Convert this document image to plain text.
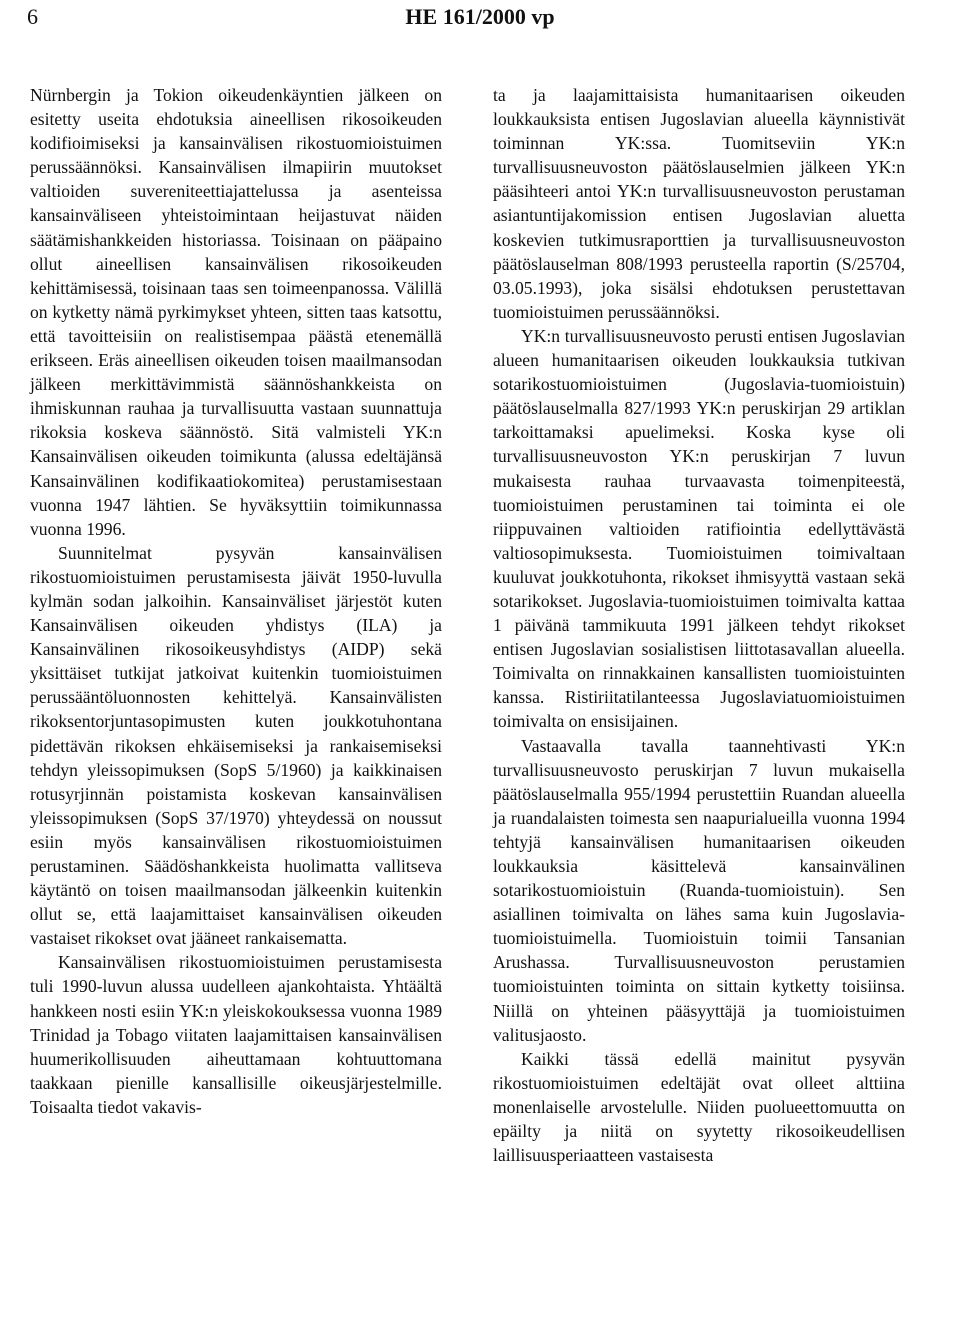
6	HE 161/2000 vp

Nürnbergin ja Tokion oikeudenkäyntien jälkeen on esitetty useita ehdotuksia aineellisen rikosoikeuden kodifioimiseksi ja kansainvälisen rikostuomioistuimen perussäännöksi. Kansainvälisen ilmapiirin muutokset valtioiden suvereniteettiajattelussa ja asenteissa kansainväliseen yhteistoimintaan heijastuvat näiden säätämishankkeiden historiassa. Toisinaan on pääpaino ollut aineellisen kansainvälisen rikosoikeuden kehittämisessä, toisinaan taas sen toimeenpanossa. Välillä on kytketty nämä pyrkimykset yhteen, sitten taas katsottu, että tavoitteisiin on realistisempaa päästä etenemällä erikseen. Eräs aineellisen oikeuden toisen maailmansodan jälkeen merkittävimmistä säännöshankkeista on ihmiskunnan rauhaa ja turvallisuutta vastaan suunnattuja rikoksia koskeva säännöstö. Sitä valmisteli YK:n Kansainvälisen oikeuden toimikunta (alussa edeltäjänsä Kansainvälinen kodifikaatiokomitea) perustamisestaan vuonna 1947 lähtien. Se hyväksyttiin toimikunnassa vuonna 1996.

Suunnitelmat pysyvän kansainvälisen rikostuomioistuimen perustamisesta jäivät 1950-luvulla kylmän sodan jalkoihin. Kansainväliset järjestöt kuten Kansainvälisen oikeuden yhdistys (ILA) ja Kansainvälinen rikosoikeusyhdistys (AIDP) sekä yksittäiset tutkijat jatkoivat kuitenkin tuomioistuimen perussääntöluonnosten kehittelyä. Kansainvälisten rikoksentorjuntasopimusten kuten joukkotuhontana pidettävän rikoksen ehkäisemiseksi ja rankaisemiseksi tehdyn yleissopimuksen (SopS 5/1960) ja kaikkinaisen rotusyrjinnän poistamista koskevan kansainvälisen yleissopimuksen (SopS 37/1970) yhteydessä on noussut esiin myös kansainvälisen rikostuomioistuimen perustaminen. Säädöshankkeista huolimatta vallitseva käytäntö on toisen maailmansodan jälkeenkin kuitenkin ollut se, että laajamittaiset kansainvälisen oikeuden vastaiset rikokset ovat jääneet rankaisematta.

Kansainvälisen rikostuomioistuimen perustamisesta tuli 1990-luvun alussa uudelleen ajankohtaista. Yhtäältä hankkeen nosti esiin YK:n yleiskokouksessa vuonna 1989 Trinidad ja Tobago viitaten laajamittaisen kansainvälisen huumerikollisuuden aiheuttamaan kohtuuttomana taakkaan pienille kansallisille oikeusjärjestelmille. Toisaalta tiedot vakavis-

ta ja laajamittaisista humanitaarisen oikeuden loukkauksista entisen Jugoslavian alueella käynnistivät toiminnan YK:ssa. Tuomitseviin YK:n turvallisuusneuvoston päätöslauselmien jälkeen YK:n pääsihteeri antoi YK:n turvallisuusneuvoston perustaman asiantuntijakomission entisen Jugoslavian aluetta koskevien tutkimusraporttien ja turvallisuusneuvoston päätöslauselman 808/1993 perusteella raportin (S/25704, 03.05.1993), joka sisälsi ehdotuksen perustettavan tuomioistuimen perussäännöksi.

YK:n turvallisuusneuvosto perusti entisen Jugoslavian alueen humanitaarisen oikeuden loukkauksia tutkivan sotarikostuomioistuimen (Jugoslavia-tuomioistuin) päätöslauselmalla 827/1993 YK:n peruskirjan 29 artiklan tarkoittamaksi apuelimeksi. Koska kyse oli turvallisuusneuvoston YK:n peruskirjan 7 luvun mukaisesta rauhaa turvaavasta toimenpiteestä, tuomioistuimen perustaminen tai toiminta ei ole riippuvainen valtioiden ratifiointia edellyttävästä valtiosopimuksesta. Tuomioistuimen toimivaltaan kuuluvat joukkotuhonta, rikokset ihmisyyttä vastaan sekä sotarikokset. Jugoslavia-tuomioistuimen toimivalta kattaa 1 päivänä tammikuuta 1991 jälkeen tehdyt rikokset entisen Jugoslavian sosialistisen liittotasavallan alueella. Toimivalta on rinnakkainen kansallisten tuomioistuinten kanssa. Ristiriitatilanteessa Jugoslaviatuomioistuimen toimivalta on ensisijainen.

Vastaavalla tavalla taannehtivasti YK:n turvallisuusneuvosto peruskirjan 7 luvun mukaisella päätöslauselmalla 955/1994 perustettiin Ruandan alueella ja ruandalaisten toimesta sen naapurialueilla vuonna 1994 tehtyjä kansainvälisen humanitaarisen oikeuden loukkauksia käsittelevä kansainvälinen sotarikostuomioistuin (Ruanda-tuomioistuin). Sen asiallinen toimivalta on lähes sama kuin Jugoslavia-tuomioistuimella. Tuomioistuin toimii Tansanian Arushassa. Turvallisuusneuvoston perustamien tuomioistuinten toiminta on sittain kytketty toisiinsa. Niillä on yhteinen pääsyyttäjä ja tuomioistuimen valitusjaosto.

Kaikki tässä edellä mainitut pysyvän rikostuomioistuimen edeltäjät ovat olleet alttiina monenlaiselle arvostelulle. Niiden puolueettomuutta on epäilty ja niitä on syytetty rikosoikeudellisen laillisuusperiaatteen vastaisesta
